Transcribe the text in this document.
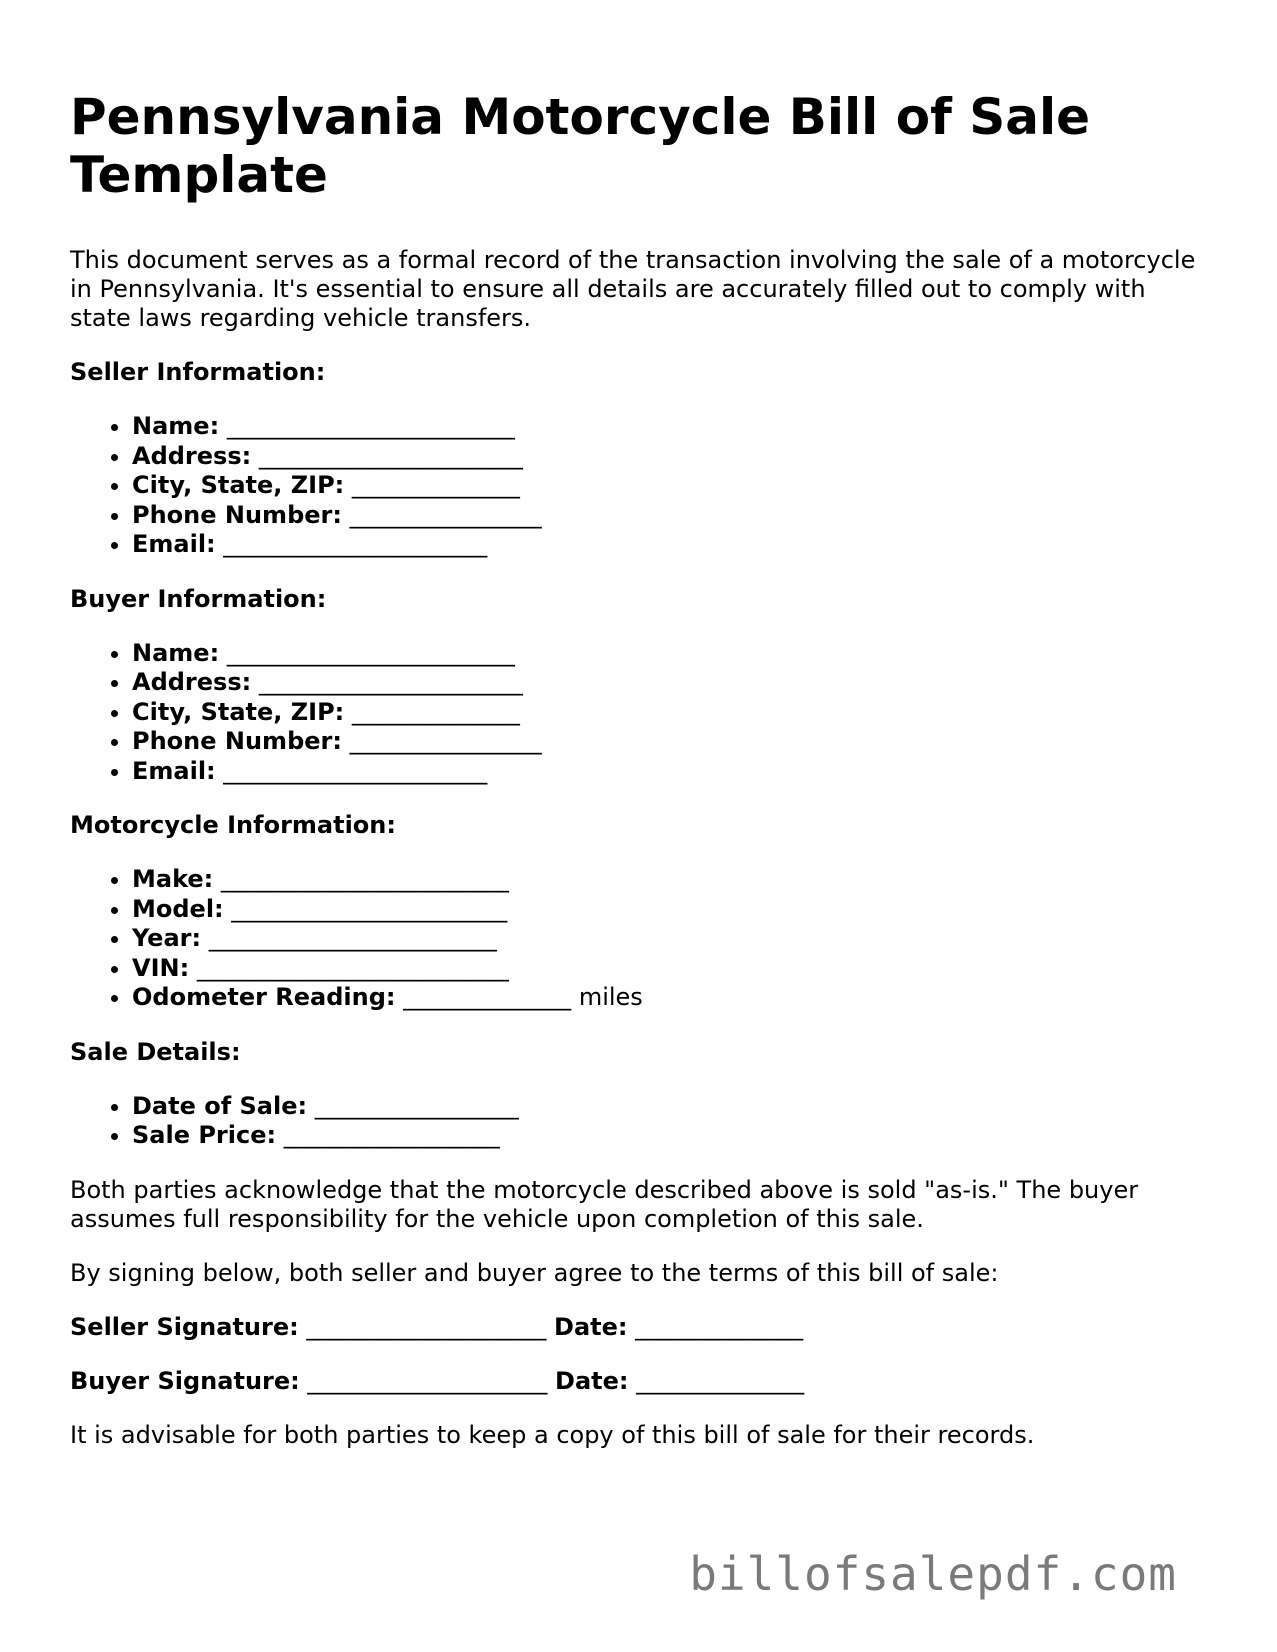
Pennsylvania Motorcycle Bill of Sale Template

This document serves as a formal record of the transaction involving the sale of a motorcycle in Pennsylvania. It's essential to ensure all details are accurately filled out to comply with state laws regarding vehicle transfers.

Seller Information:
• Name: ________________________
• Address: ______________________
• City, State, ZIP: ______________
• Phone Number: ________________
• Email: ______________________
Buyer Information:
• Name: ________________________
• Address: ______________________
• City, State, ZIP: ______________
• Phone Number: ________________
• Email: ______________________
Motorcycle Information:
• Make: ________________________
• Model: _______________________
• Year: ________________________
• VIN: __________________________
• Odometer Reading: ______________ miles
Sale Details:
• Date of Sale: _________________
• Sale Price: __________________

Both parties acknowledge that the motorcycle described above is sold "as-is." The buyer assumes full responsibility for the vehicle upon completion of this sale.

By signing below, both seller and buyer agree to the terms of this bill of sale:

Seller Signature: ____________________ Date: ______________
Buyer Signature: ____________________ Date: ______________

It is advisable for both parties to keep a copy of this bill of sale for their records.

billofsalepdf.com
